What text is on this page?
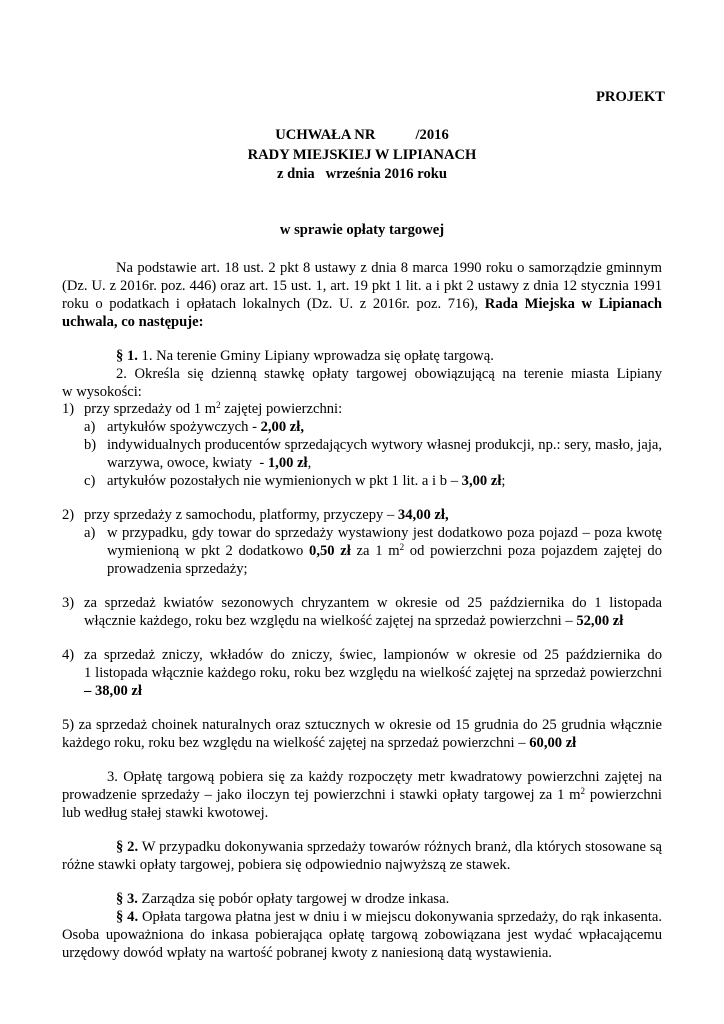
PROJEKT
UCHWAŁA NR           /2016
RADY MIEJSKIEJ W LIPIANACH
z dnia   września 2016 roku
w sprawie opłaty targowej
Na podstawie art. 18 ust. 2 pkt 8 ustawy z dnia 8 marca 1990 roku o samorządzie gminnym
(Dz. U. z 2016r. poz. 446) oraz art. 15 ust. 1, art. 19 pkt 1 lit. a i pkt 2 ustawy z dnia 12 stycznia 1991
roku o podatkach i opłatach lokalnych (Dz. U. z 2016r. poz. 716), Rada Miejska w Lipianach
uchwala, co następuje:
§ 1. 1. Na terenie Gminy Lipiany wprowadza się opłatę targową.
2. Określa się dzienną stawkę opłaty targowej obowiązującą na terenie miasta Lipiany
w wysokości:
1) przy sprzedaży od 1 $m^2$ zajętej powierzchni:
a) artykułów spożywczych - 2,00 zł,
b) indywidualnych producentów sprzedających wytwory własnej produkcji, np.: sery, masło, jaja,
warzywa, owoce, kwiaty  - 1,00 zł,
c) artykułów pozostałych nie wymienionych w pkt 1 lit. a i b – 3,00 zł;
2) przy sprzedaży z samochodu, platformy, przyczepy – 34,00 zł,
a) w przypadku, gdy towar do sprzedaży wystawiony jest dodatkowo poza pojazd – poza kwotę
wymienioną w pkt 2 dodatkowo 0,50 zł za 1 $m^2$ od powierzchni poza pojazdem zajętej do
prowadzenia sprzedaży;
3) za sprzedaż kwiatów sezonowych chryzantem w okresie od 25 października do 1 listopada
włącznie każdego, roku bez względu na wielkość zajętej na sprzedaż powierzchni – 52,00 zł
4) za sprzedaż zniczy, wkładów do zniczy, świec, lampionów w okresie od 25 października do
1 listopada włącznie każdego roku, roku bez względu na wielkość zajętej na sprzedaż powierzchni
– 38,00 zł
5) za sprzedaż choinek naturalnych oraz sztucznych w okresie od 15 grudnia do 25 grudnia włącznie
każdego roku, roku bez względu na wielkość zajętej na sprzedaż powierzchni – 60,00 zł
3. Opłatę targową pobiera się za każdy rozpoczęty metr kwadratowy powierzchni zajętej na
prowadzenie sprzedaży – jako iloczyn tej powierzchni i stawki opłaty targowej za 1 $m^2$ powierzchni
lub według stałej stawki kwotowej.
§ 2. W przypadku dokonywania sprzedaży towarów różnych branż, dla których stosowane są
różne stawki opłaty targowej, pobiera się odpowiednio najwyższą ze stawek.
§ 3. Zarządza się pobór opłaty targowej w drodze inkasa.
§ 4. Opłata targowa płatna jest w dniu i w miejscu dokonywania sprzedaży, do rąk inkasenta.
Osoba upoważniona do inkasa pobierająca opłatę targową zobowiązana jest wydać wpłacającemu
urzędowy dowód wpłaty na wartość pobranej kwoty z naniesioną datą wystawienia.
